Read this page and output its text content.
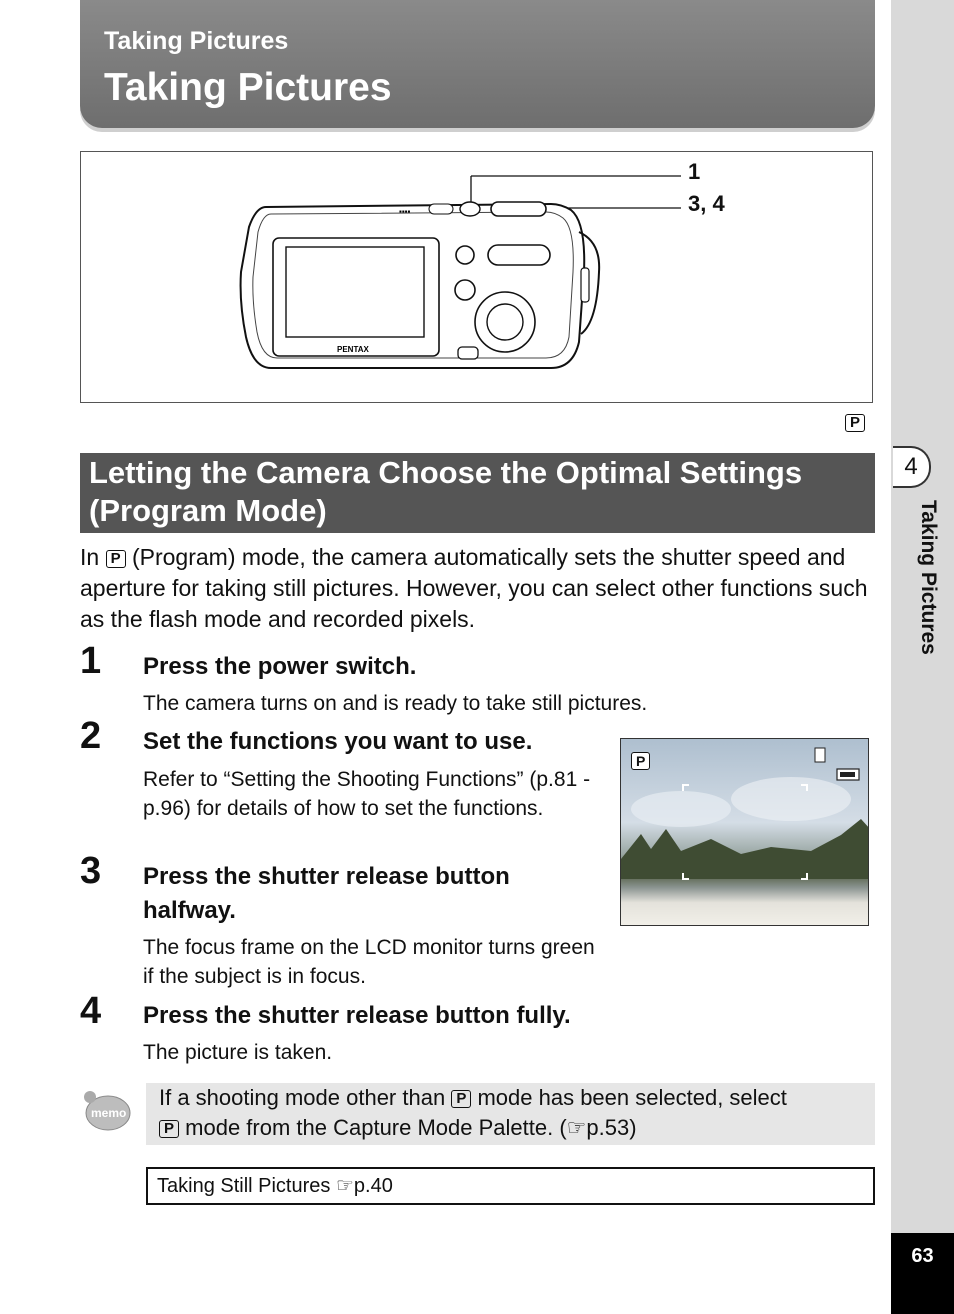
Taking Pictures
Taking Pictures
4
Taking Pictures
63
PENTAX
▪▪▪▪
1
3, 4
P
Letting the Camera Choose the Optimal Settings (Program Mode)
In P (Program) mode, the camera automatically sets the shutter speed and aperture for taking still pictures. However, you can select other functions such as the flash mode and recorded pixels.
1 Press the power switch.
The camera turns on and is ready to take still pictures.
2 Set the functions you want to use.
Refer to “Setting the Shooting Functions” (p.81 - p.96) for details of how to set the functions.
3 Press the shutter release button halfway.
The focus frame on the LCD monitor turns green if the subject is in focus.
4 Press the shutter release button fully.
The picture is taken.
P
memo
If a shooting mode other than P mode has been selected, select
P mode from the Capture Mode Palette. (☞p.53)
Taking Still Pictures ☞p.40
